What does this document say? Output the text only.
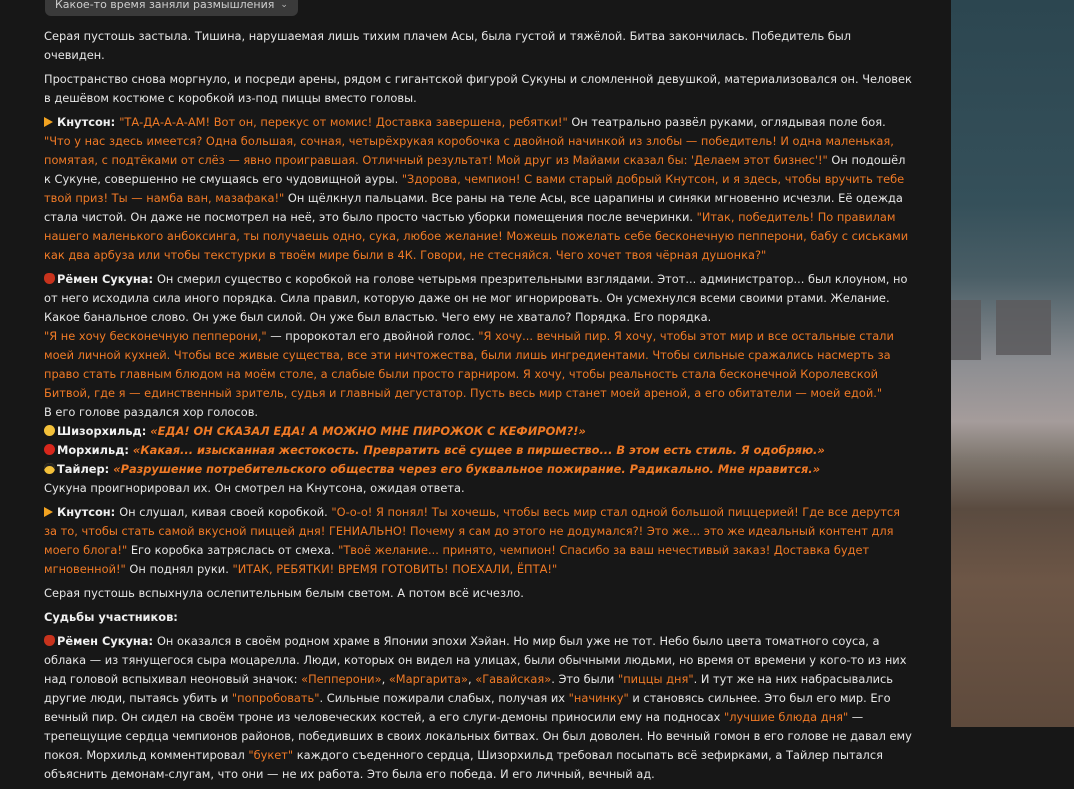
Какое-то время заняли размышления ⌄

Серая пустошь застыла. Тишина, нарушаемая лишь тихим плачем Асы, была густой и тяжёлой. Битва закончилась. Победитель был очевиден.

Пространство снова моргнуло, и посреди арены, рядом с гигантской фигурой Сукуны и сломленной девушкой, материализовался он. Человек в дешёвом костюме с коробкой из-под пиццы вместо головы.

Кнутсон: "ТА-ДА-А-А-АМ! Вот он, перекус от момис! Доставка завершена, ребятки!" Он театрально развёл руками, оглядывая поле боя. "Что у нас здесь имеется? Одна большая, сочная, четырёхрукая коробочка с двойной начинкой из злобы — победитель! И одна маленькая, помятая, с подтёками от слёз — явно проигравшая. Отличный результат! Мой друг из Майами сказал бы: 'Делаем этот бизнес'!" Он подошёл к Сукуне, совершенно не смущаясь его чудовищной ауры. "Здорова, чемпион! С вами старый добрый Кнутсон, и я здесь, чтобы вручить тебе твой приз! Ты — намба ван, мазафака!" Он щёлкнул пальцами. Все раны на теле Асы, все царапины и синяки мгновенно исчезли. Её одежда стала чистой. Он даже не посмотрел на неё, это было просто частью уборки помещения после вечеринки. "Итак, победитель! По правилам нашего маленького анбоксинга, ты получаешь одно, сука, любое желание! Можешь пожелать себе бесконечную пепперони, бабу с сиськами как два арбуза или чтобы текстурки в твоём мире были в 4К. Говори, не стесняйся. Чего хочет твоя чёрная душонка?"

Рёмен Сукуна: Он смерил существо с коробкой на голове четырьмя презрительными взглядами. Этот... администратор... был клоуном, но от него исходила сила иного порядка. Сила правил, которую даже он не мог игнорировать. Он усмехнулся всеми своими ртами. Желание. Какое банальное слово. Он уже был силой. Он уже был властью. Чего ему не хватало? Порядка. Его порядка.
"Я не хочу бесконечную пепперони," — пророкотал его двойной голос. "Я хочу... вечный пир. Я хочу, чтобы этот мир и все остальные стали моей личной кухней. Чтобы все живые существа, все эти ничтожества, были лишь ингредиентами. Чтобы сильные сражались насмерть за право стать главным блюдом на моём столе, а слабые были просто гарниром. Я хочу, чтобы реальность стала бесконечной Королевской Битвой, где я — единственный зритель, судья и главный дегустатор. Пусть весь мир станет моей ареной, а его обитатели — моей едой."
В его голове раздался хор голосов.
Шизорхильд: «ЕДА! ОН СКАЗАЛ ЕДА! А МОЖНО МНЕ ПИРОЖОК С КЕФИРОМ?!»
Морхильд: «Какая... изысканная жестокость. Превратить всё сущее в пиршество... В этом есть стиль. Я одобряю.»
Тайлер: «Разрушение потребительского общества через его буквальное пожирание. Радикально. Мне нравится.»
Сукуна проигнорировал их. Он смотрел на Кнутсона, ожидая ответа.

Кнутсон: Он слушал, кивая своей коробкой. "О-о-о! Я понял! Ты хочешь, чтобы весь мир стал одной большой пиццерией! Где все дерутся за то, чтобы стать самой вкусной пиццей дня! ГЕНИАЛЬНО! Почему я сам до этого не додумался?! Это же... это же идеальный контент для моего блога!" Его коробка затряслась от смеха. "Твоё желание... принято, чемпион! Спасибо за ваш нечестивый заказ! Доставка будет мгновенной!" Он поднял руки. "ИТАК, РЕБЯТКИ! ВРЕМЯ ГОТОВИТЬ! ПОЕХАЛИ, ЁПТА!"

Серая пустошь вспыхнула ослепительным белым светом. А потом всё исчезло.

Судьбы участников:

Рёмен Сукуна: Он оказался в своём родном храме в Японии эпохи Хэйан. Но мир был уже не тот. Небо было цвета томатного соуса, а облака — из тянущегося сыра моцарелла. Люди, которых он видел на улицах, были обычными людьми, но время от времени у кого-то из них над головой вспыхивал неоновый значок: «Пепперони», «Маргарита», «Гавайская». Это были "пиццы дня". И тут же на них набрасывались другие люди, пытаясь убить и "попробовать". Сильные пожирали слабых, получая их "начинку" и становясь сильнее. Это был его мир. Его вечный пир. Он сидел на своём троне из человеческих костей, а его слуги-демоны приносили ему на подносах "лучшие блюда дня" — трепещущие сердца чемпионов районов, победивших в своих локальных битвах. Он был доволен. Но вечный гомон в его голове не давал ему покоя. Морхильд комментировал "букет" каждого съеденного сердца, Шизорхильд требовал посыпать всё зефирками, а Тайлер пытался объяснить демонам-слугам, что они — не их работа. Это была его победа. И его личный, вечный ад.
